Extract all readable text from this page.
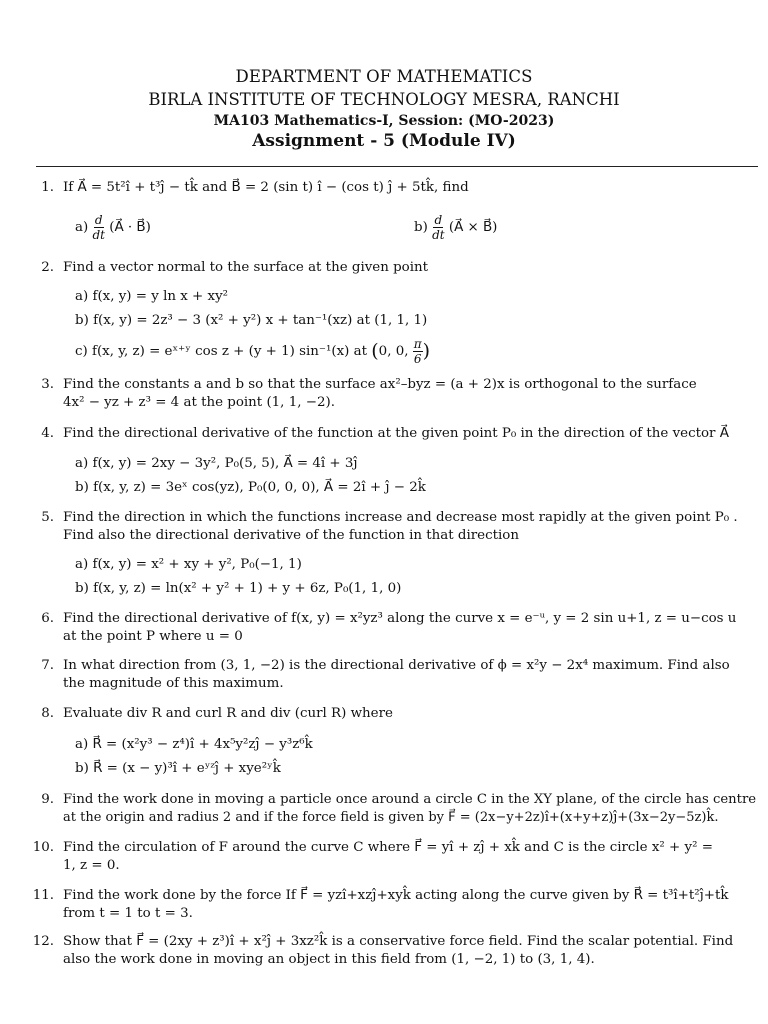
DEPARTMENT OF MATHEMATICS
BIRLA INSTITUTE OF TECHNOLOGY MESRA, RANCHI
MA103 Mathematics-I, Session: (MO-2023)
Assignment - 5 (Module IV)
1. If A⃗ = 5t²î + t³ĵ − tk̂ and B⃗ = 2 (sin t) î − (cos t) ĵ + 5tk̂, find
$a) \frac{d}{dt}$ (A⃗ · B⃗)	$b) \frac{d}{dt}$ (A⃗ × B⃗)
2. Find a vector normal to the surface at the given point
a) f(x, y) = y ln x + xy²
b) f(x, y) = 2z³ − 3 (x² + y²) x + tan⁻¹(xz) at (1, 1, 1)
c) f(x, y, z) = eˣ⁺ʸ cos z + (y + 1) sin⁻¹(x) at (0, 0, $\frac{\pi}{6}$ )
3. Find the constants a and b so that the surface ax²–byz = (a + 2)x is orthogonal to the surface
4x² − yz + z³ = 4 at the point (1, 1, −2).
4. Find the directional derivative of the function at the given point P₀ in the direction of the vector A⃗
a) f(x, y) = 2xy − 3y², P₀(5, 5), A⃗ = 4î + 3ĵ
b) f(x, y, z) = 3eˣ cos(yz), P₀(0, 0, 0), A⃗ = 2î + ĵ − 2k̂
5. Find the direction in which the functions increase and decrease most rapidly at the given point P₀ .
Find also the directional derivative of the function in that direction
a) f(x, y) = x² + xy + y², P₀(−1, 1)
b) f(x, y, z) = ln(x² + y² + 1) + y + 6z, P₀(1, 1, 0)
6. Find the directional derivative of f(x, y) = x²yz³ along the curve x = e⁻ᵘ, y = 2 sin u+1, z = u−cos u
at the point P where u = 0
7. In what direction from (3, 1, −2) is the directional derivative of ϕ = x²y − 2x⁴ maximum. Find also
the magnitude of this maximum.
8. Evaluate div R and curl R and div (curl R) where
a) R⃗ = (x²y³ − z⁴)î + 4x⁵y²zĵ − y³z⁶k̂
b) R⃗ = (x − y)³î + eʸᶻĵ + xye²ʸk̂
9. Find the work done in moving a particle once around a circle C in the XY plane, of the circle has centre
at the origin and radius 2 and if the force field is given by F⃗ = (2x−y+2z)î+(x+y+z)ĵ+(3x−2y−5z)k̂.
10. Find the circulation of F around the curve C where F⃗ = yî + zĵ + xk̂ and C is the circle x² + y² =
1, z = 0.
11. Find the work done by the force If F⃗ = yzî+xzĵ+xyk̂ acting along the curve given by R⃗ = t³î+t²ĵ+tk̂
from t = 1 to t = 3.
12. Show that F⃗ = (2xy + z³)î + x²ĵ + 3xz²k̂ is a conservative force field. Find the scalar potential. Find
also the work done in moving an object in this field from (1, −2, 1) to (3, 1, 4).
